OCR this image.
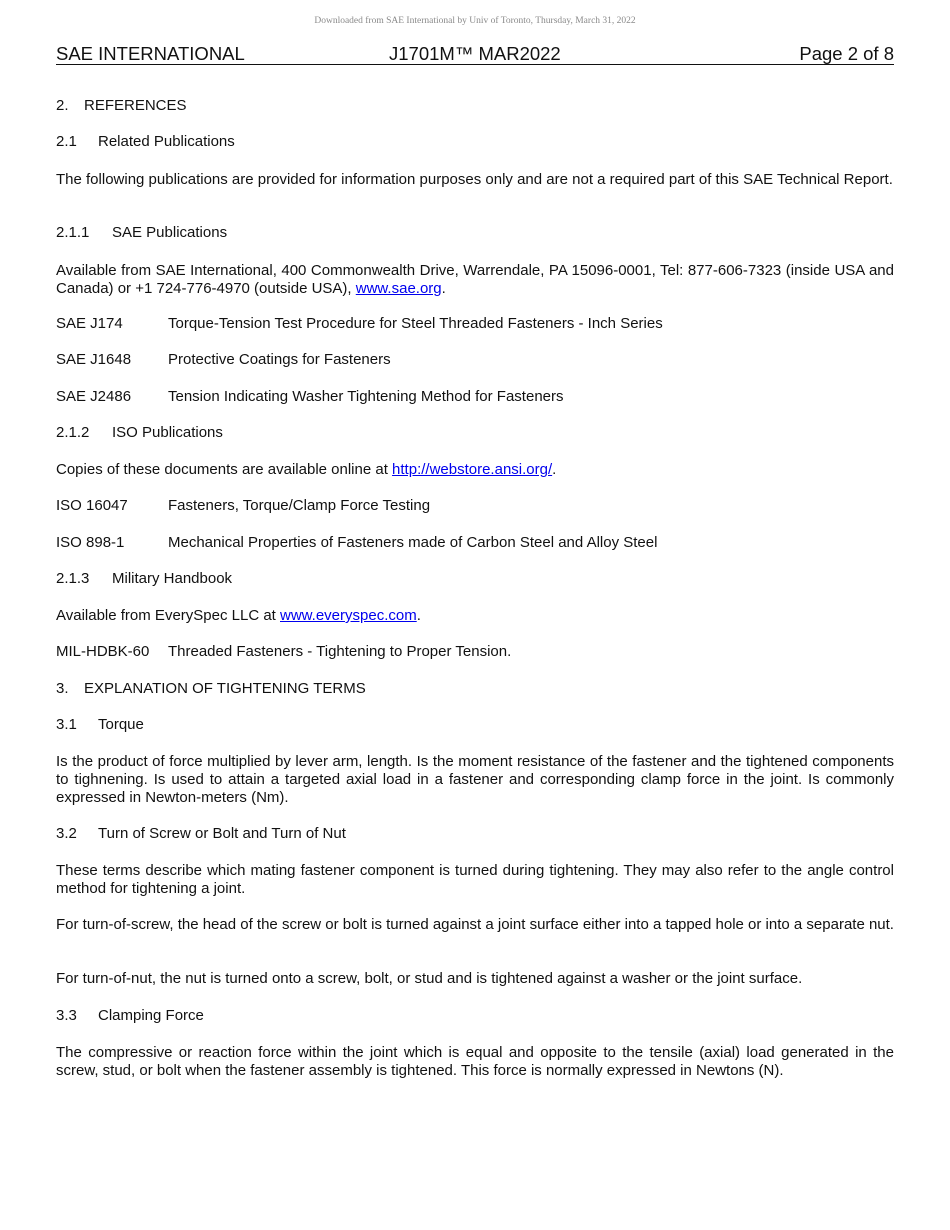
Downloaded from SAE International by Univ of Toronto, Thursday, March 31, 2022
SAE INTERNATIONAL	J1701M™ MAR2022	Page 2 of 8
2. REFERENCES
2.1 Related Publications
The following publications are provided for information purposes only and are not a required part of this SAE Technical Report.
2.1.1 SAE Publications
Available from SAE International, 400 Commonwealth Drive, Warrendale, PA 15096-0001, Tel: 877-606-7323 (inside USA and Canada) or +1 724-776-4970 (outside USA), www.sae.org.
SAE J174	Torque-Tension Test Procedure for Steel Threaded Fasteners - Inch Series
SAE J1648 Protective Coatings for Fasteners
SAE J2486 Tension Indicating Washer Tightening Method for Fasteners
2.1.2 ISO Publications
Copies of these documents are available online at http://webstore.ansi.org/.
ISO 16047	Fasteners, Torque/Clamp Force Testing
ISO 898-1	Mechanical Properties of Fasteners made of Carbon Steel and Alloy Steel
2.1.3 Military Handbook
Available from EverySpec LLC at www.everyspec.com.
MIL-HDBK-60 Threaded Fasteners - Tightening to Proper Tension.
3. EXPLANATION OF TIGHTENING TERMS
3.1 Torque
Is the product of force multiplied by lever arm, length. Is the moment resistance of the fastener and the tightened components to tighnening. Is used to attain a targeted axial load in a fastener and corresponding clamp force in the joint. Is commonly expressed in Newton-meters (Nm).
3.2 Turn of Screw or Bolt and Turn of Nut
These terms describe which mating fastener component is turned during tightening. They may also refer to the angle control method for tightening a joint.
For turn-of-screw, the head of the screw or bolt is turned against a joint surface either into a tapped hole or into a separate nut.
For turn-of-nut, the nut is turned onto a screw, bolt, or stud and is tightened against a washer or the joint surface.
3.3 Clamping Force
The compressive or reaction force within the joint which is equal and opposite to the tensile (axial) load generated in the screw, stud, or bolt when the fastener assembly is tightened. This force is normally expressed in Newtons (N).
